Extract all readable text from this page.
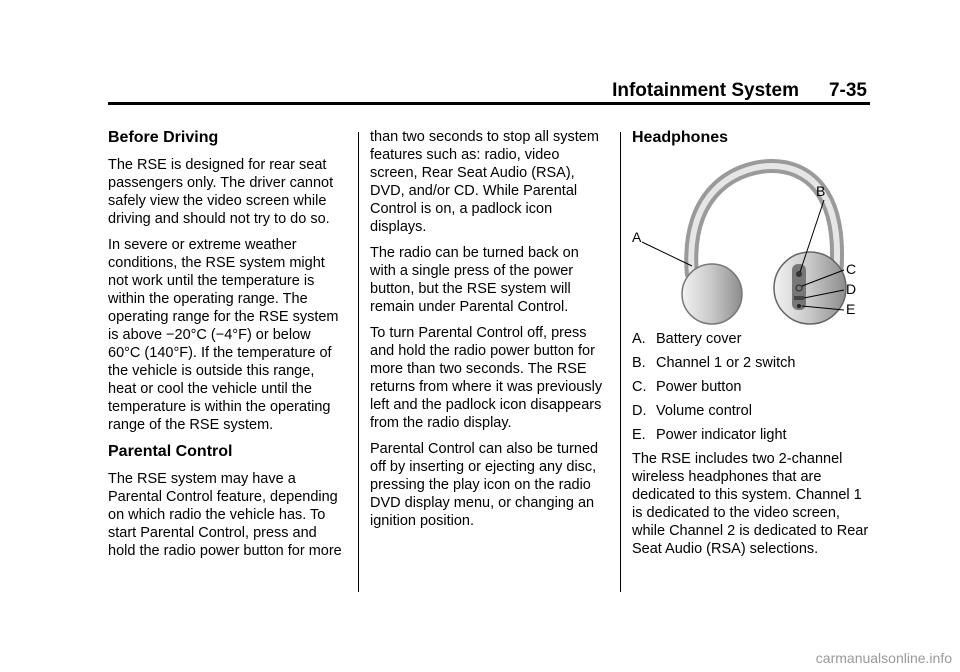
Infotainment System 7-35
Before Driving

The RSE is designed for rear seat passengers only. The driver cannot safely view the video screen while driving and should not try to do so.

In severe or extreme weather conditions, the RSE system might not work until the temperature is within the operating range. The operating range for the RSE system is above −20°C (−4°F) or below 60°C (140°F). If the temperature of the vehicle is outside this range, heat or cool the vehicle until the temperature is within the operating range of the RSE system.

Parental Control

The RSE system may have a Parental Control feature, depending on which radio the vehicle has. To start Parental Control, press and hold the radio power button for more

than two seconds to stop all system features such as: radio, video screen, Rear Seat Audio (RSA), DVD, and/or CD. While Parental Control is on, a padlock icon displays.

The radio can be turned back on with a single press of the power button, but the RSE system will remain under Parental Control.

To turn Parental Control off, press and hold the radio power button for more than two seconds. The RSE returns from where it was previously left and the padlock icon disappears from the radio display.

Parental Control can also be turned off by inserting or ejecting any disc, pressing the play icon on the radio DVD display menu, or changing an ignition position.

Headphones
A
B
C
D
E
A. Battery cover
B. Channel 1 or 2 switch
C. Power button
D. Volume control
E. Power indicator light

The RSE includes two 2-channel wireless headphones that are dedicated to this system. Channel 1 is dedicated to the video screen, while Channel 2 is dedicated to Rear Seat Audio (RSA) selections.

carmanualsonline.info
